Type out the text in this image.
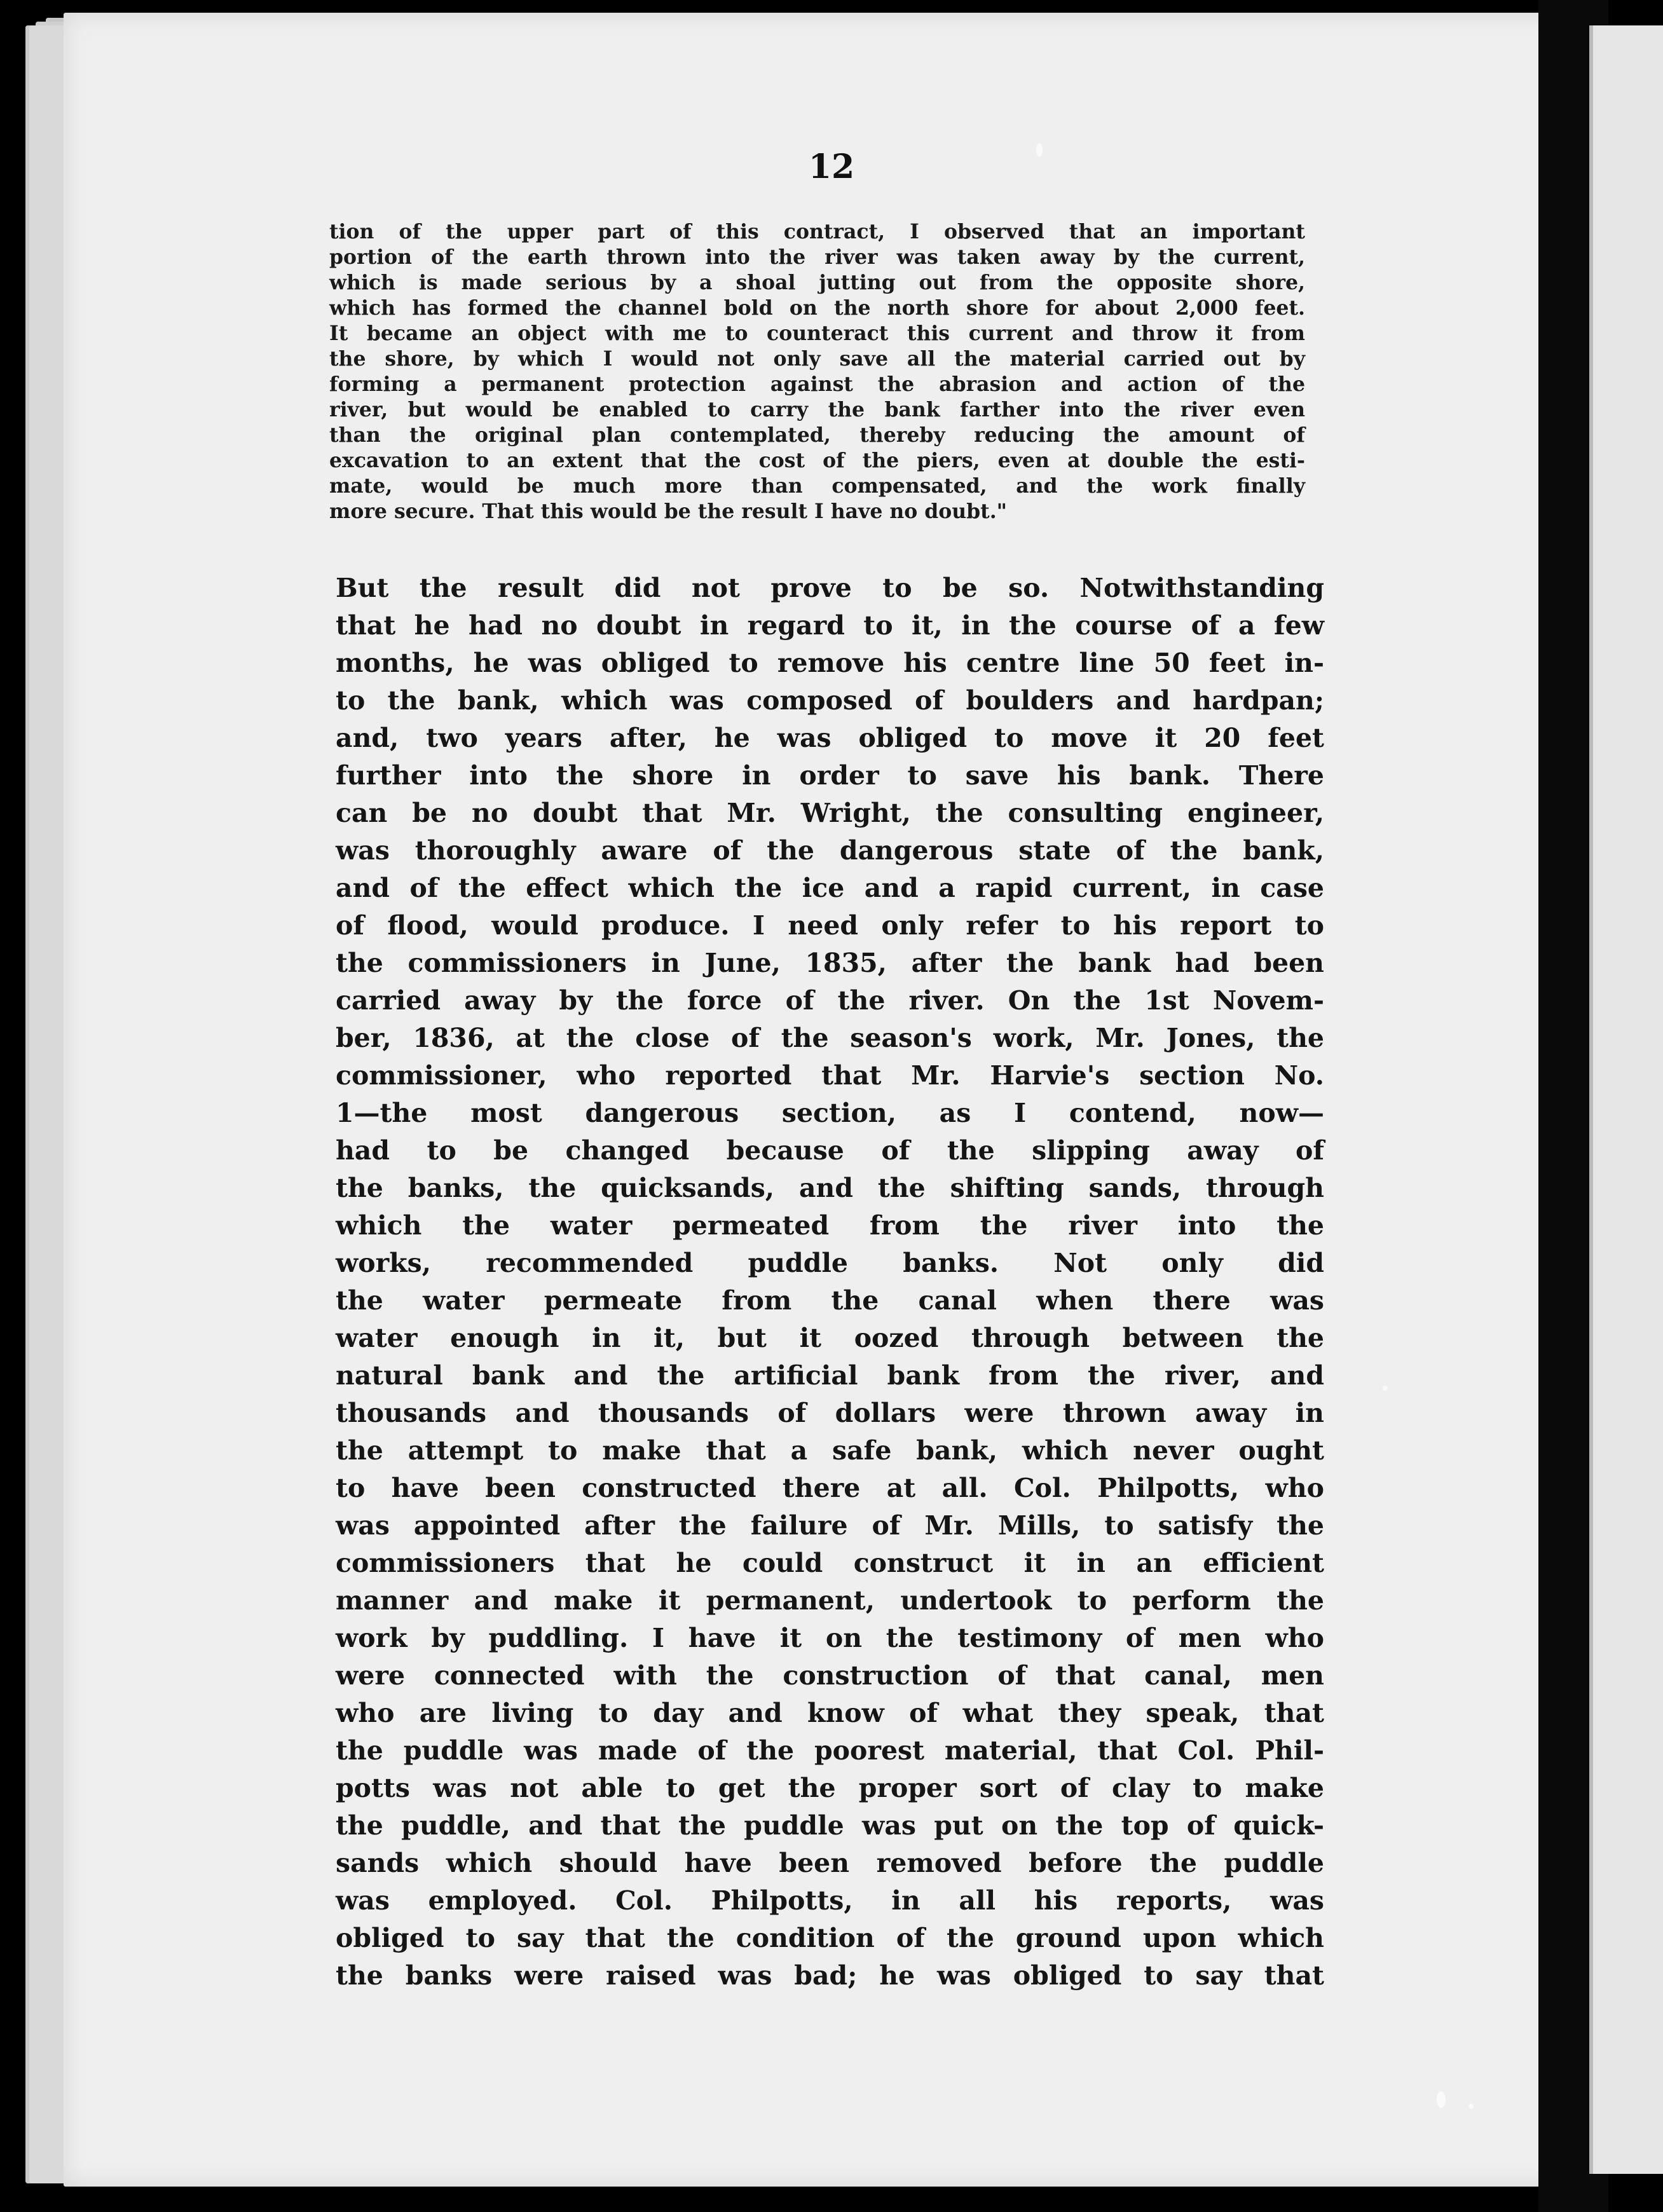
12
tion of the upper part of this contract, I observed that an important
portion of the earth thrown into the river was taken away by the current,
which is made serious by a shoal jutting out from the opposite shore,
which has formed the channel bold on the north shore for about 2,000 feet.
It became an object with me to counteract this current and throw it from
the shore, by which I would not only save all the material carried out by
forming a permanent protection against the abrasion and action of the
river, but would be enabled to carry the bank farther into the river even
than the original plan contemplated, thereby reducing the amount of
excavation to an extent that the cost of the piers, even at double the esti-
mate, would be much more than compensated, and the work finally
more secure. That this would be the result I have no doubt."
But the result did not prove to be so. Notwithstanding
that he had no doubt in regard to it, in the course of a few
months, he was obliged to remove his centre line 50 feet in-
to the bank, which was composed of boulders and hardpan;
and, two years after, he was obliged to move it 20 feet
further into the shore in order to save his bank. There
can be no doubt that Mr. Wright, the consulting engineer,
was thoroughly aware of the dangerous state of the bank,
and of the effect which the ice and a rapid current, in case
of flood, would produce. I need only refer to his report to
the commissioners in June, 1835, after the bank had been
carried away by the force of the river. On the 1st Novem-
ber, 1836, at the close of the season's work, Mr. Jones, the
commissioner, who reported that Mr. Harvie's section No.
1—the most dangerous section, as I contend, now—
had to be changed because of the slipping away of
the banks, the quicksands, and the shifting sands, through
which the water permeated from the river into the
works, recommended puddle banks. Not only did
the water permeate from the canal when there was
water enough in it, but it oozed through between the
natural bank and the artificial bank from the river, and
thousands and thousands of dollars were thrown away in
the attempt to make that a safe bank, which never ought
to have been constructed there at all. Col. Philpotts, who
was appointed after the failure of Mr. Mills, to satisfy the
commissioners that he could construct it in an efficient
manner and make it permanent, undertook to perform the
work by puddling. I have it on the testimony of men who
were connected with the construction of that canal, men
who are living to day and know of what they speak, that
the puddle was made of the poorest material, that Col. Phil-
potts was not able to get the proper sort of clay to make
the puddle, and that the puddle was put on the top of quick-
sands which should have been removed before the puddle
was employed. Col. Philpotts, in all his reports, was
obliged to say that the condition of the ground upon which
the banks were raised was bad; he was obliged to say that
